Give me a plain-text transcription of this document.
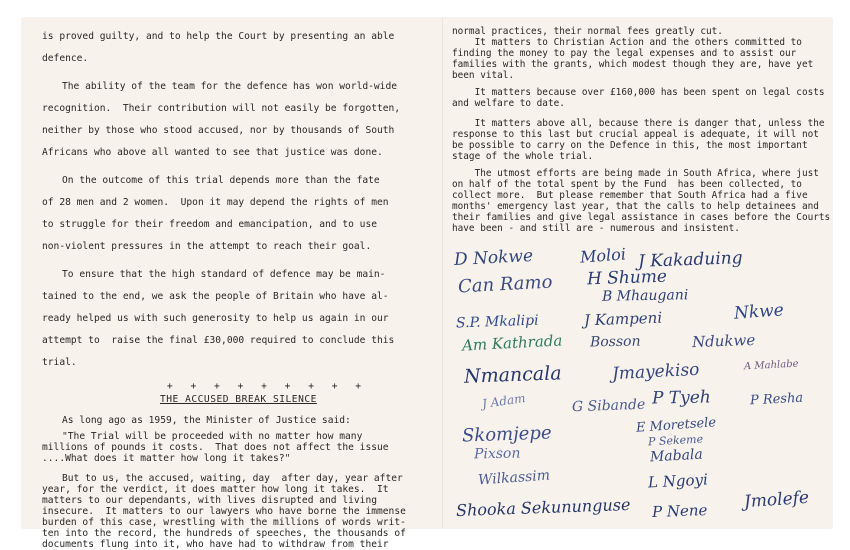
is proved guilty, and to help the Court by presenting an able

defence.

The ability of the team for the defence has won world-wide

recognition.  Their contribution will not easily be forgotten,

neither by those who stood accused, nor by thousands of South

Africans who above all wanted to see that justice was done.

On the outcome of this trial depends more than the fate

of 28 men and 2 women.  Upon it may depend the rights of men

to struggle for their freedom and emancipation, and to use

non-violent pressures in the attempt to reach their goal.

To ensure that the high standard of defence may be main-

tained to the end, we ask the people of Britain who have al-

ready helped us with such generosity to help us again in our

attempt to  raise the final £30,000 required to conclude this

trial.

+ + + + + + + + +

THE ACCUSED BREAK SILENCE

As long ago as 1959, the Minister of Justice said:

"The Trial will be proceeded with no matter how many

millions of pounds it costs.  That does not affect the issue

....What does it matter how long it takes?"

But to us, the accused, waiting, day  after day, year after

year, for the verdict, it does matter how long it takes.  It

matters to our dependants, with lives disrupted and living

insecure.  It matters to our lawyers who have borne the immense

burden of this case, wrestling with the millions of words writ-

ten into the record, the hundreds of speeches, the thousands of

documents flung into it, who have had to withdraw from their

normal practices, their normal fees greatly cut.

It matters to Christian Action and the others committed to

finding the money to pay the legal expenses and to assist our

families with the grants, which modest though they are, have yet

been vital.

It matters because over £160,000 has been spent on legal costs

and welfare to date.

It matters above all, because there is danger that, unless the

response to this last but crucial appeal is adequate, it will not

be possible to carry on the Defence in this, the most important

stage of the whole trial.

The utmost efforts are being made in South Africa, where just

on half of the total spent by the Fund  has been collected, to

collect more.  But please remember that South Africa had a five

months' emergency last year, that the calls to help detainees and

their families and give legal assistance in cases before the Courts

have been - and still are - numerous and insistent.

D Nokwe	Moloi J Kakaduing
Can Ramo H Shume
B Mhaugani
S.P. Mkalipi	J Kampeni	Nkwe
Am Kathrada Bosson	Ndukwe
Nmancala	Jmayekiso	A Mahlabe
J Adam	G Sibande P Tyeh	P Resha
Skomjepe	E Moretsele
P Sekeme
Pixson	Mabala
Wilkassim	L Ngoyi
Shooka Sekununguse P Nene Jmolefe
